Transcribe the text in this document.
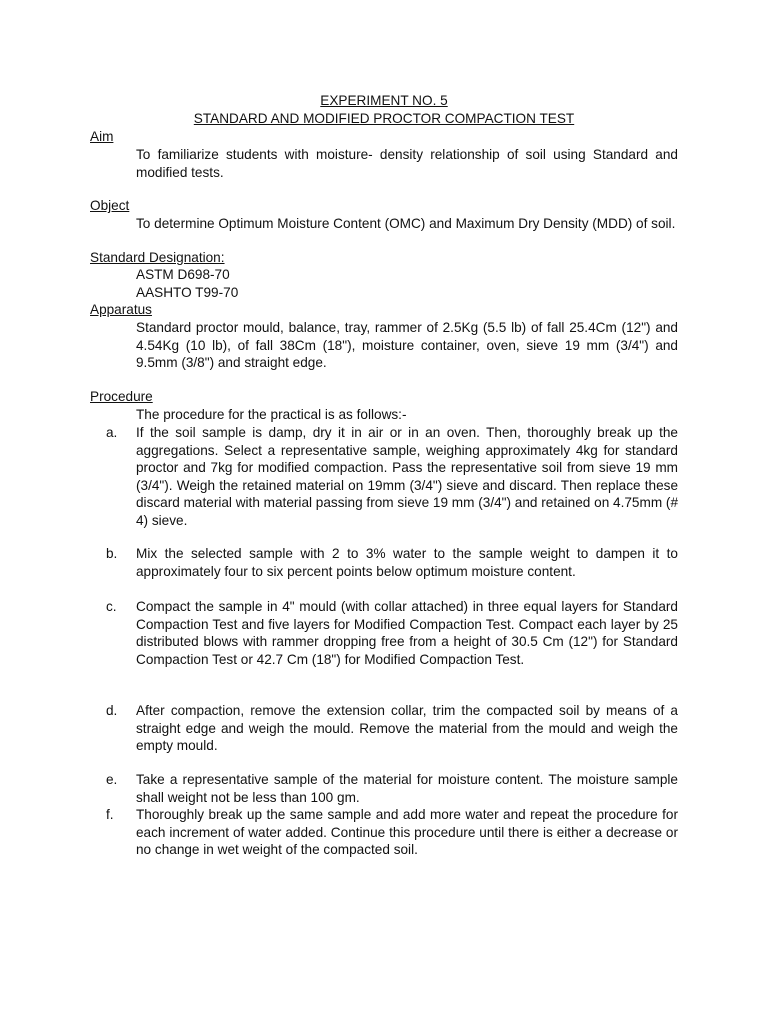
EXPERIMENT NO. 5
STANDARD AND MODIFIED PROCTOR COMPACTION TEST
Aim
To familiarize students with moisture- density relationship of soil using Standard and modified tests.
Object
To determine Optimum Moisture Content (OMC) and Maximum Dry Density (MDD) of soil.
Standard Designation:
ASTM D698-70
AASHTO T99-70
Apparatus
Standard proctor mould, balance, tray, rammer of 2.5Kg (5.5 lb) of fall 25.4Cm (12") and 4.54Kg (10 lb), of fall 38Cm (18"), moisture container, oven, sieve 19 mm (3/4") and 9.5mm (3/8") and straight edge.
Procedure
The procedure for the practical is as follows:-
a.	If the soil sample is damp, dry it in air or in an oven. Then, thoroughly break up the aggregations. Select a representative sample, weighing approximately 4kg for standard proctor and 7kg for modified compaction. Pass the representative soil from sieve 19 mm (3/4"). Weigh the retained material on 19mm (3/4") sieve and discard. Then replace these discard material with material passing from sieve 19 mm (3/4") and retained on 4.75mm (# 4) sieve.
b.	Mix the selected sample with 2 to 3% water to the sample weight to dampen it to approximately four to six percent points below optimum moisture content.
c.	Compact the sample in 4" mould (with collar attached) in three equal layers for Standard Compaction Test and five layers for Modified Compaction Test. Compact each layer by 25 distributed blows with rammer dropping free from a height of 30.5 Cm (12") for Standard Compaction Test or 42.7 Cm (18") for Modified Compaction Test.
d.	After compaction, remove the extension collar, trim the compacted soil by means of a straight edge and weigh the mould. Remove the material from the mould and weigh the empty mould.
e.	Take a representative sample of the material for moisture content. The moisture sample shall weight not be less than 100 gm.
f.	Thoroughly break up the same sample and add more water and repeat the procedure for each increment of water added. Continue this procedure until there is either a decrease or no change in wet weight of the compacted soil.
